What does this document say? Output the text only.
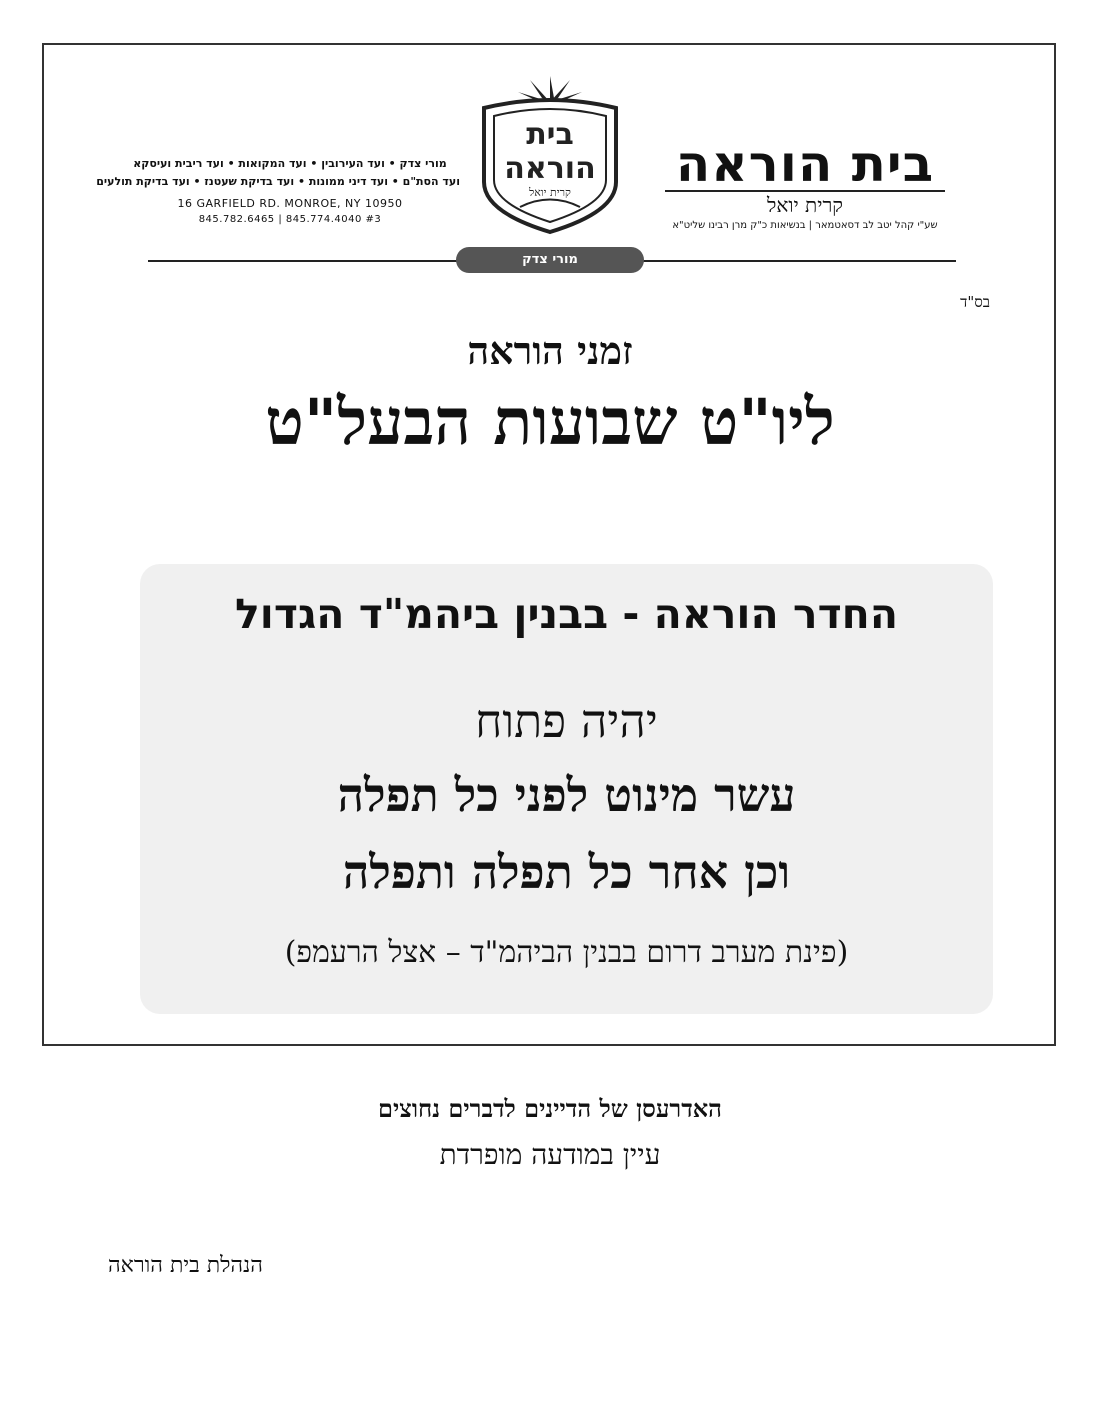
בית הוראה
קרית יואל
שע"י קהל יטב לב דסאטמאר | בנשיאות כ"ק מרן רבינו שליט"א
בית
הוראה
קרית יואל
מורי צדק • ועד העירובין • ועד המקואות • ועד ריבית ועיסקא
ועד הסת"ם • ועד דיני ממונות • ועד בדיקת שעטנז • ועד בדיקת תולעים
16 GARFIELD RD. MONROE, NY 10950
845.782.6465 | 845.774.4040 #3
מורי צדק
בס"ד
זמני הוראה
ליו"ט שבועות הבעל"ט
החדר הוראה - בבנין ביהמ"ד הגדול
יהיה פתוח
עשר מינוט לפני כל תפלה
וכן אחר כל תפלה ותפלה
(פינת מערב דרום בבנין הביהמ"ד – אצל הרעמפ)
האדרעסן של הדיינים לדברים נחוצים
עיין במודעה מופרדת
הנהלת בית הוראה
